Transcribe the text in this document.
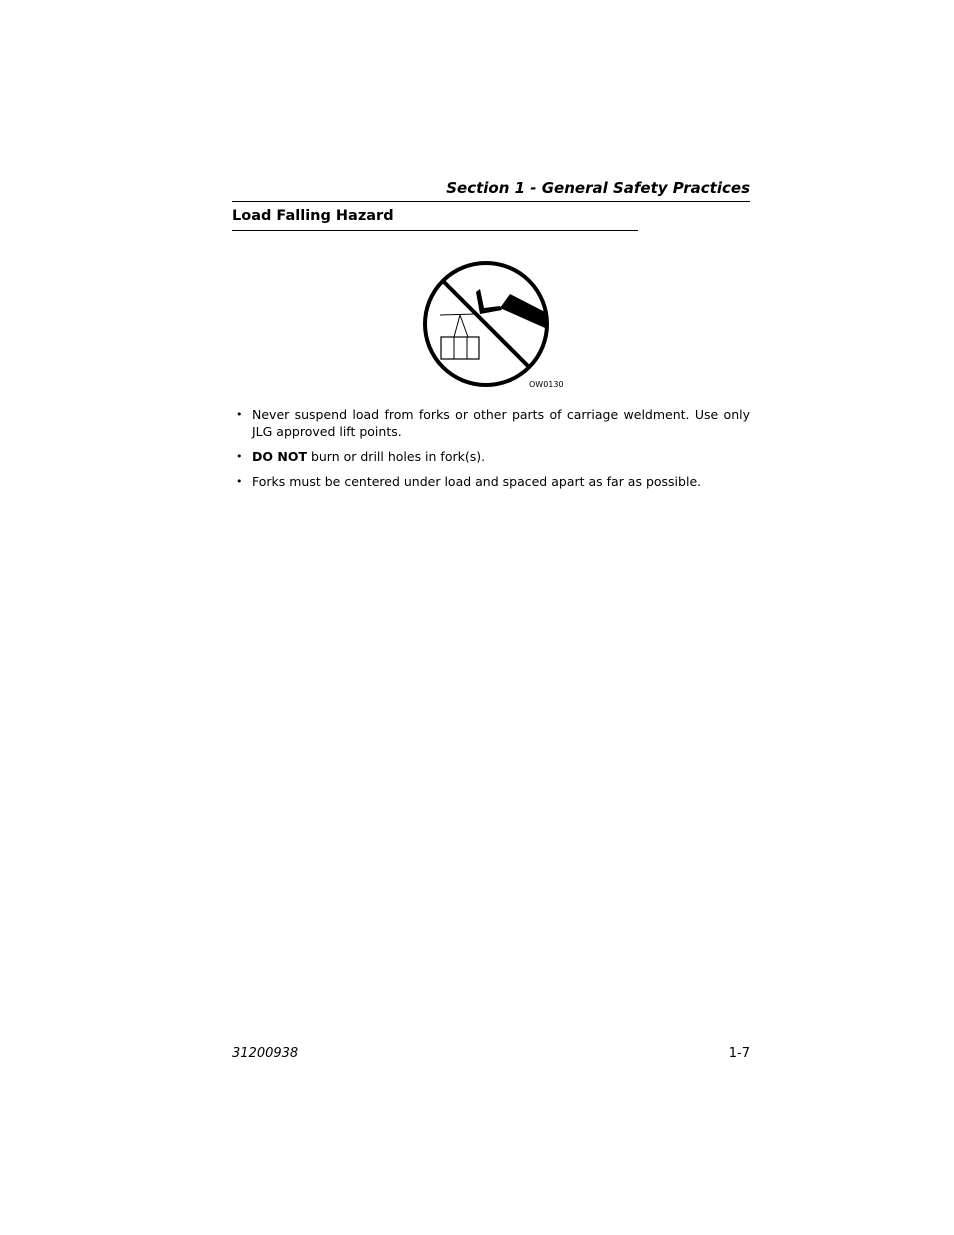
Section 1 - General Safety Practices
Load Falling Hazard
OW0130
• Never suspend load from forks or other parts of carriage weldment. Use only JLG approved lift points.
• DO NOT burn or drill holes in fork(s).
• Forks must be centered under load and spaced apart as far as possible.
31200938	1-7
